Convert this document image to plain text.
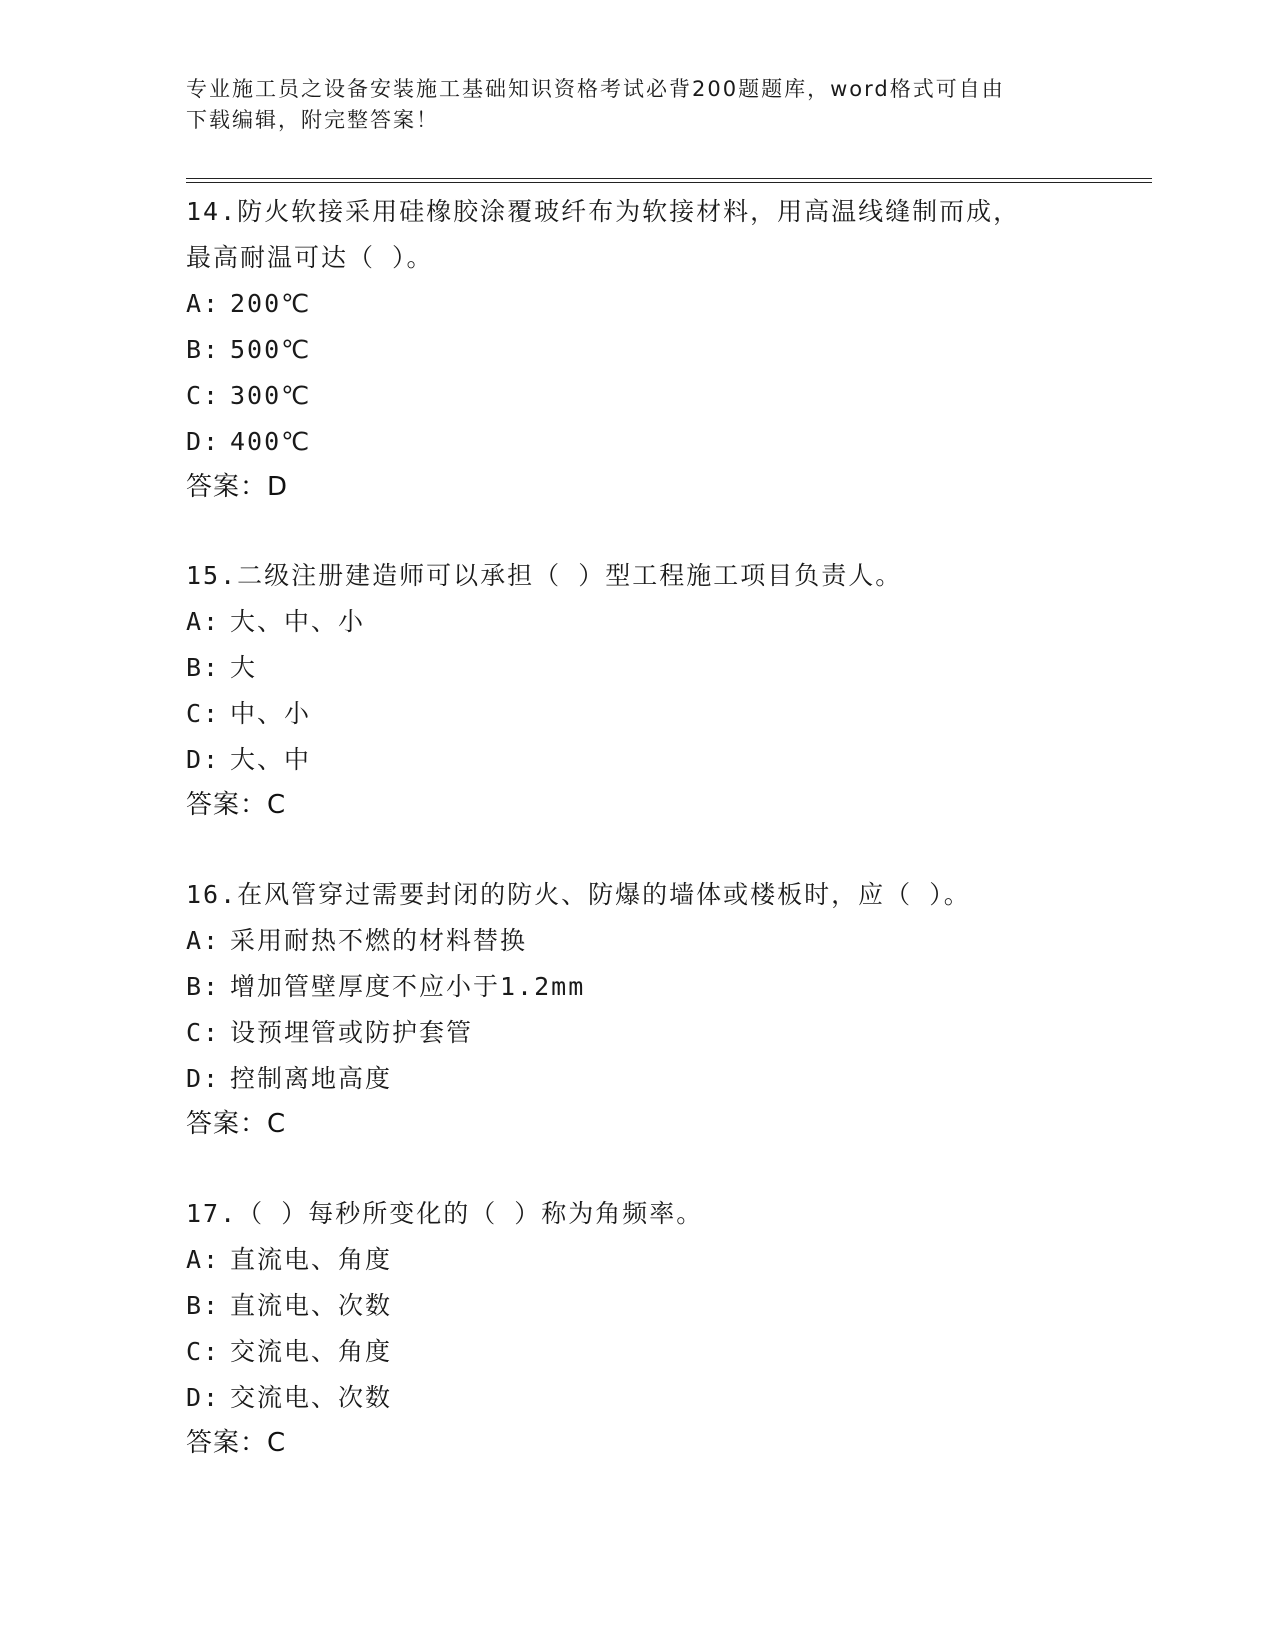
专业施工员之设备安装施工基础知识资格考试必背200题题库，word格式可自由
下载编辑，附完整答案！

14.防火软接采用硅橡胶涂覆玻纤布为软接材料，用高温线缝制而成，

最高耐温可达（ ）。

A: 200℃

B: 500℃

C: 300℃

D: 400℃

答案：D

15.二级注册建造师可以承担（ ）型工程施工项目负责人。

A: 大、中、小

B: 大

C: 中、小

D: 大、中

答案：C

16.在风管穿过需要封闭的防火、防爆的墙体或楼板时，应（ ）。

A: 采用耐热不燃的材料替换

B: 增加管壁厚度不应小于1.2mm

C: 设预埋管或防护套管

D: 控制离地高度

答案：C

17.（ ）每秒所变化的（ ）称为角频率。

A: 直流电、角度

B: 直流电、次数

C: 交流电、角度

D: 交流电、次数

答案：C
